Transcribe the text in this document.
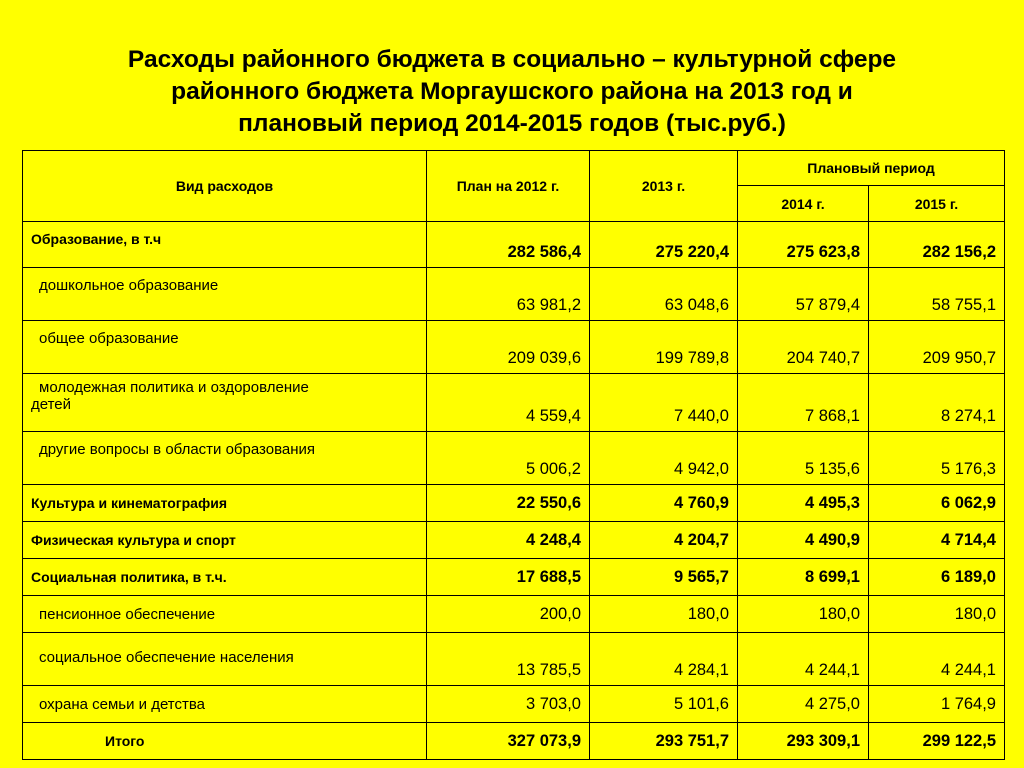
Расходы районного бюджета в социально – культурной сфере
районного бюджета Моргаушского района на 2013 год и
плановый период 2014-2015 годов (тыс.руб.)
Вид расходов	План на 2012 г.	2013 г.	Плановый период	
			2014 г.	2015 г.
Образование, в т.ч	282 586,4	275 220,4	275 623,8	282 156,2
дошкольное образование	63 981,2	63 048,6	57 879,4	58 755,1
общее образование	209 039,6	199 789,8	204 740,7	209 950,7

молодежная политика и оздоровление
детей	4 559,4	7 440,0	7 868,1	8 274,1
другие вопросы в области образования	5 006,2	4 942,0	5 135,6	5 176,3
Культура и кинематография	22 550,6	4 760,9	4 495,3	6 062,9
Физическая культура и спорт	4 248,4	4 204,7	4 490,9	4 714,4
Социальная политика, в т.ч.	17 688,5	9 565,7	8 699,1	6 189,0
пенсионное обеспечение	200,0	180,0	180,0	180,0
социальное обеспечение населения	13 785,5	4 284,1	4 244,1	4 244,1
охрана семьи и детства	3 703,0	5 101,6	4 275,0	1 764,9
Итого	327 073,9	293 751,7	293 309,1	299 122,5
